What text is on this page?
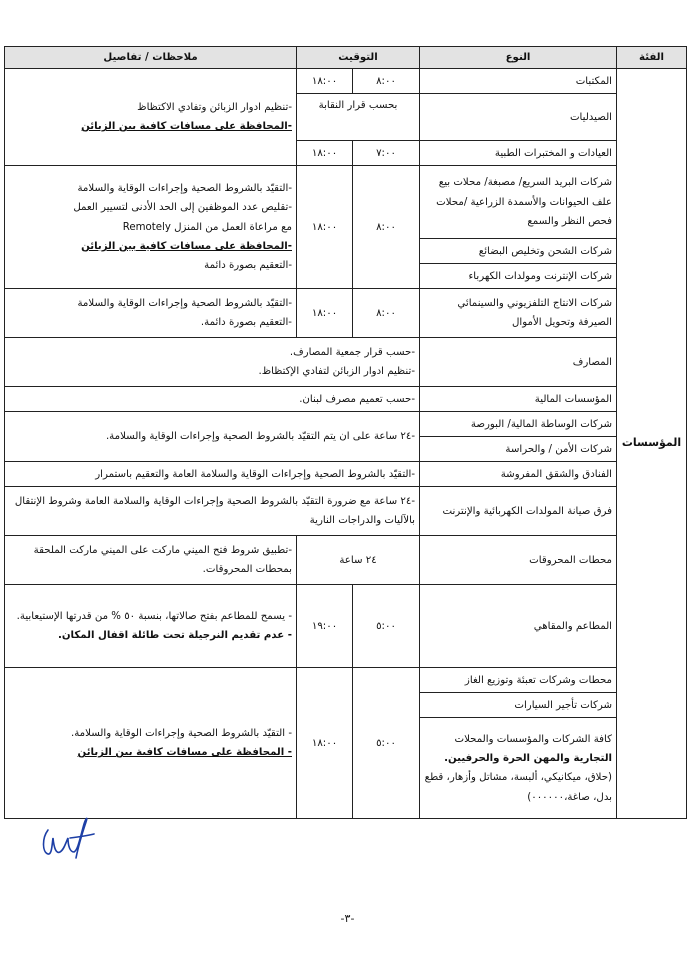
الفئة	النوع	التوقيت		ملاحظات / تفاصيل
المؤسسات	المكتبات	٨:٠٠	١٨:٠٠	-تنظيم ادوار الزبائن وتفادي الاكتظاظ
-المحافظة على مسافات كافية بين الزبائن

	الصيدليات	بحسب قرار النقابة		
	العيادات و المختبرات الطبية	٧:٠٠	١٨:٠٠	
	شركات البريد السريع/ مصبغة/ محلات بيع علف الحيوانات والأسمدة الزراعية /محلات فحص النظر والسمع	٨:٠٠	١٨:٠٠	-التقيّد بالشروط الصحية وإجراءات الوقاية والسلامة
-تقليص عدد الموظفين إلى الحد الأدنى لتسيير العمل
مع مراعاة العمل من المنزل Remotely
-المحافظة على مسافات كافية بين الزبائن
-التعقيم بصورة دائمة

	شركات الشحن وتخليص البضائع			
	شركات الإنترنت ومولدات الكهرباء			
	شركات الانتاج التلفزيوني والسينمائي الصيرفة وتحويل الأموال	٨:٠٠	١٨:٠٠	-التقيّد بالشروط الصحية وإجراءات الوقاية والسلامة
-التعقيم بصورة دائمة.

	المصارف	-حسب قرار جمعية المصارف.
-تنظيم ادوار الزبائن لتفادي الإكتظاظ.		

	المؤسسات المالية	-حسب تعميم مصرف لبنان.		
	شركات الوساطة المالية/ البورصة	-٢٤ ساعة على ان يتم التقيّد بالشروط الصحية وإجراءات الوقاية والسلامة.		
	شركات الأمن / والحراسة			
	الفنادق والشقق المفروشة	-التقيّد بالشروط الصحية وإجراءات الوقاية والسلامة العامة والتعقيم باستمرار		
	فرق صيانة المولدات الكهربائية والإنترنت	-٢٤ ساعة مع ضرورة التقيّد بالشروط الصحية وإجراءات الوقاية والسلامة العامة وشروط الإنتقال بالآليات والدراجات النارية		
	محطات المحروقات	٢٤ ساعة		-تطبيق شروط فتح الميني ماركت على الميني ماركت الملحقة بمحطات المحروقات.
	المطاعم والمقاهي	٥:٠٠	١٩:٠٠	- يسمح للمطاعم بفتح صالاتها، بنسبة ٥٠ % من قدرتها الإستيعابية.
- عدم تقديم النرجيلة تحت طائلة اقفال المكان.

	محطات وشركات تعبئة وتوزيع الغاز	٥:٠٠	١٨:٠٠	- التقيّد بالشروط الصحية وإجراءات الوقاية والسلامة.
- المحافظة على مسافات كافية بين الزبائن

	شركات تأجير السيارات			

	كافة الشركات والمؤسسات والمحلات
التجارية والمهن الحرة والحرفيين.
(حلاق، ميكانيكي، ألبسة، مشاتل وأزهار، قطع بدل، صاغة،٠٠٠٠٠٠)			
-٣-
